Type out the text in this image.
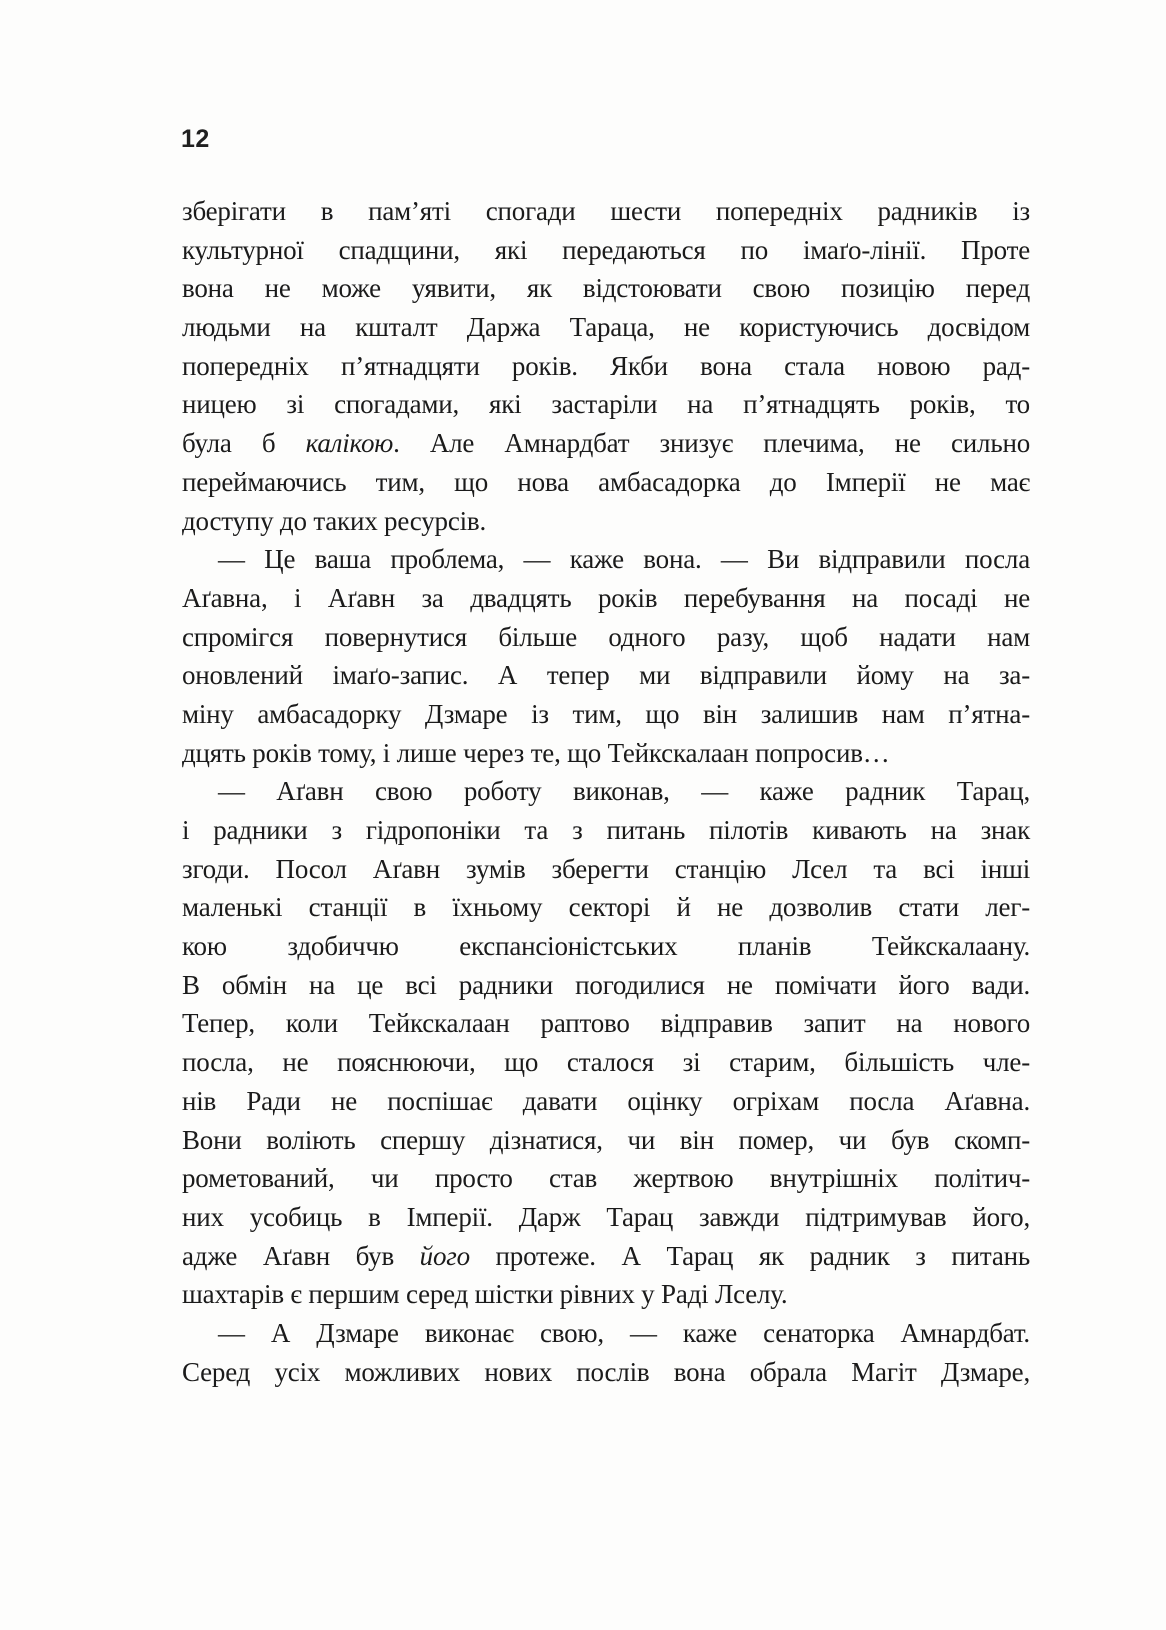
12
зберігати в пам’яті спогади шести попередніх радників із
культурної спадщини, які передаються по імаґо-лінії. Проте
вона не може уявити, як відстоювати свою позицію перед
людьми на кшталт Даржа Тараца, не користуючись досвідом
попередніх п’ятнадцяти років. Якби вона стала новою рад-
ницею зі спогадами, які застаріли на п’ятнадцять років, то
була б калікою. Але Амнардбат знизує плечима, не сильно
переймаючись тим, що нова амбасадорка до Імперії не має
доступу до таких ресурсів.
— Це ваша проблема, — каже вона. — Ви відправили посла
Аґавна, і Аґавн за двадцять років перебування на посаді не
спромігся повернутися більше одного разу, щоб надати нам
оновлений імаґо-запис. А тепер ми відправили йому на за-
міну амбасадорку Дзмаре із тим, що він залишив нам п’ятна-
дцять років тому, і лише через те, що Тейкскалаан попросив…
— Аґавн свою роботу виконав, — каже радник Тарац,
і радники з гідропоніки та з питань пілотів кивають на знак
згоди. Посол Аґавн зумів зберегти станцію Лсел та всі інші
маленькі станції в їхньому секторі й не дозволив стати лег-
кою здобиччю експансіоністських планів Тейкскалаану.
В обмін на це всі радники погодилися не помічати його вади.
Тепер, коли Тейкскалаан раптово відправив запит на нового
посла, не пояснюючи, що сталося зі старим, більшість чле-
нів Ради не поспішає давати оцінку огріхам посла Аґавна.
Вони воліють спершу дізнатися, чи він помер, чи був скомп-
рометований, чи просто став жертвою внутрішніх політич-
них усобиць в Імперії. Дарж Тарац завжди підтримував його,
адже Аґавн був його протеже. А Тарац як радник з питань
шахтарів є першим серед шістки рівних у Раді Лселу.
— А Дзмаре виконає свою, — каже сенаторка Амнардбат.
Серед усіх можливих нових послів вона обрала Магіт Дзмаре,
